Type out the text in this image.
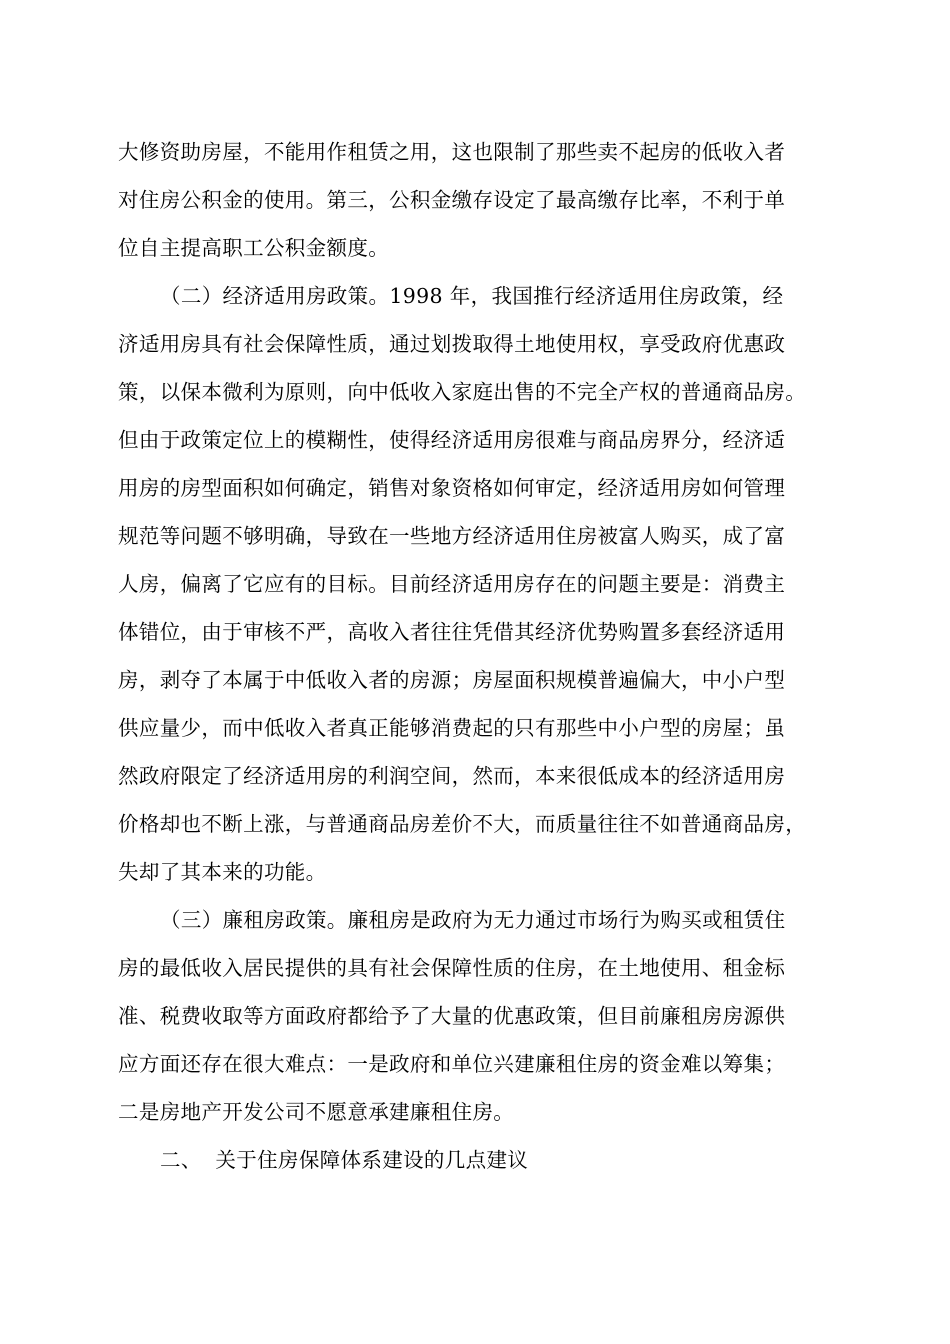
大修资助房屋，不能用作租赁之用，这也限制了那些卖不起房的低收入者
对住房公积金的使用。第三，公积金缴存设定了最高缴存比率，不利于单
位自主提高职工公积金额度。
（二）经济适用房政策。1998 年，我国推行经济适用住房政策，经
济适用房具有社会保障性质，通过划拨取得土地使用权，享受政府优惠政
策，以保本微利为原则，向中低收入家庭出售的不完全产权的普通商品房。
但由于政策定位上的模糊性，使得经济适用房很难与商品房界分，经济适
用房的房型面积如何确定，销售对象资格如何审定，经济适用房如何管理
规范等问题不够明确，导致在一些地方经济适用住房被富人购买，成了富
人房，偏离了它应有的目标。目前经济适用房存在的问题主要是：消费主
体错位，由于审核不严，高收入者往往凭借其经济优势购置多套经济适用
房，剥夺了本属于中低收入者的房源；房屋面积规模普遍偏大，中小户型
供应量少，而中低收入者真正能够消费起的只有那些中小户型的房屋；虽
然政府限定了经济适用房的利润空间，然而，本来很低成本的经济适用房
价格却也不断上涨，与普通商品房差价不大，而质量往往不如普通商品房，
失却了其本来的功能。
（三）廉租房政策。廉租房是政府为无力通过市场行为购买或租赁住
房的最低收入居民提供的具有社会保障性质的住房，在土地使用、租金标
准、税费收取等方面政府都给予了大量的优惠政策，但目前廉租房房源供
应方面还存在很大难点：一是政府和单位兴建廉租住房的资金难以筹集；
二是房地产开发公司不愿意承建廉租住房。
二、  关于住房保障体系建设的几点建议
